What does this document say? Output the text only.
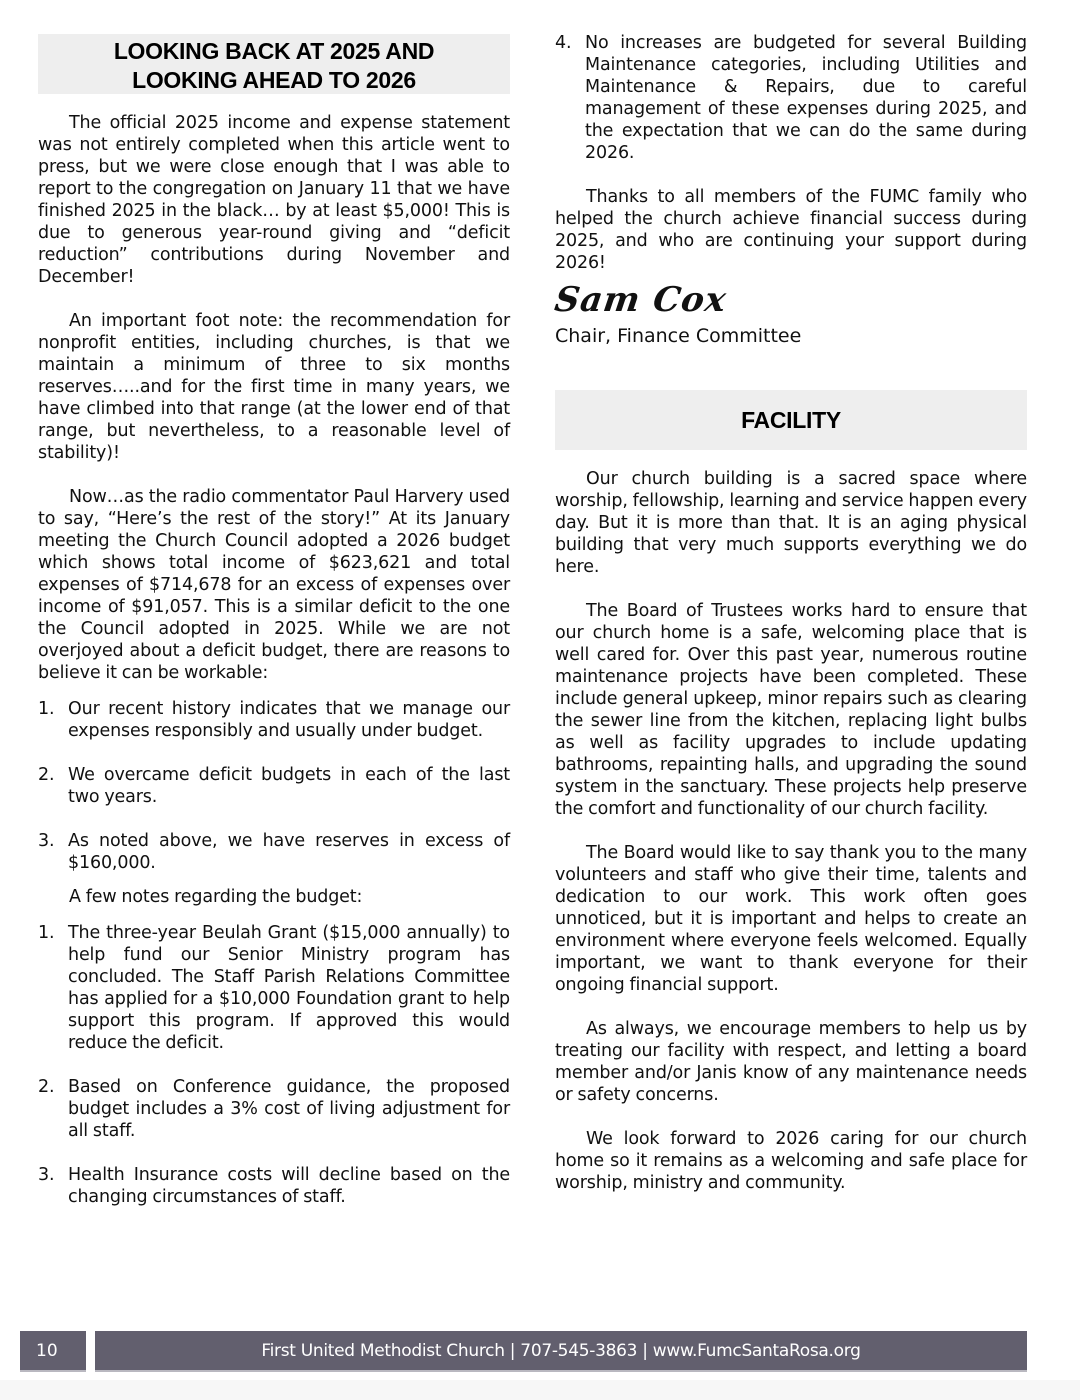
LOOKING BACK AT 2025 AND
LOOKING AHEAD TO 2026

The official 2025 income and expense statement was not entirely completed when this article went to press, but we were close enough that I was able to report to the congregation on January 11 that we have finished 2025 in the black… by at least $5,000! This is due to generous year-round giving and “deficit reduction” contributions during November and December!

An important foot note: the recommendation for nonprofit entities, including churches, is that we maintain a minimum of three to six months reserves…..and for the first time in many years, we have climbed into that range (at the lower end of that range, but nevertheless, to a reasonable level of stability)!

Now…as the radio commentator Paul Harvery used to say, “Here’s the rest of the story!” At its January meeting the Church Council adopted a 2026 budget which shows total income of $623,621 and total expenses of $714,678 for an excess of expenses over income of $91,057. This is a similar deficit to the one the Council adopted in 2025. While we are not overjoyed about a deficit budget, there are reasons to believe it can be workable:

1. Our recent history indicates that we manage our expenses responsibly and usually under budget.
2. We overcame deficit budgets in each of the last two years.
3. As noted above, we have reserves in excess of $160,000.

A few notes regarding the budget:

1. The three-year Beulah Grant ($15,000 annually) to help fund our Senior Ministry program has concluded. The Staff Parish Relations Committee has applied for a $10,000 Foundation grant to help support this program. If approved this would reduce the deficit.
2. Based on Conference guidance, the proposed budget includes a 3% cost of living adjustment for all staff.
3. Health Insurance costs will decline based on the changing circumstances of staff.
4. No increases are budgeted for several Building Maintenance categories, including Utilities and Maintenance & Repairs, due to careful management of these expenses during 2025, and the expectation that we can do the same during 2026.

Thanks to all members of the FUMC family who helped the church achieve financial success during 2025, and who are continuing your support during 2026!

Sam Cox
Chair, Finance Committee
FACILITY

Our church building is a sacred space where worship, fellowship, learning and service happen every day. But it is more than that. It is an aging physical building that very much supports everything we do here.

The Board of Trustees works hard to ensure that our church home is a safe, welcoming place that is well cared for. Over this past year, numerous routine maintenance projects have been completed. These include general upkeep, minor repairs such as clearing the sewer line from the kitchen, replacing light bulbs as well as facility upgrades to include updating bathrooms, repainting halls, and upgrading the sound system in the sanctuary. These projects help preserve the comfort and functionality of our church facility.

The Board would like to say thank you to the many volunteers and staff who give their time, talents and dedication to our work. This work often goes unnoticed, but it is important and helps to create an environment where everyone feels welcomed. Equally important, we want to thank everyone for their ongoing financial support.

As always, we encourage members to help us by treating our facility with respect, and letting a board member and/or Janis know of any maintenance needs or safety concerns.

We look forward to 2026 caring for our church home so it remains as a welcoming and safe place for worship, ministry and community.

10	First United Methodist Church | 707-545-3863 | www.FumcSantaRosa.org
